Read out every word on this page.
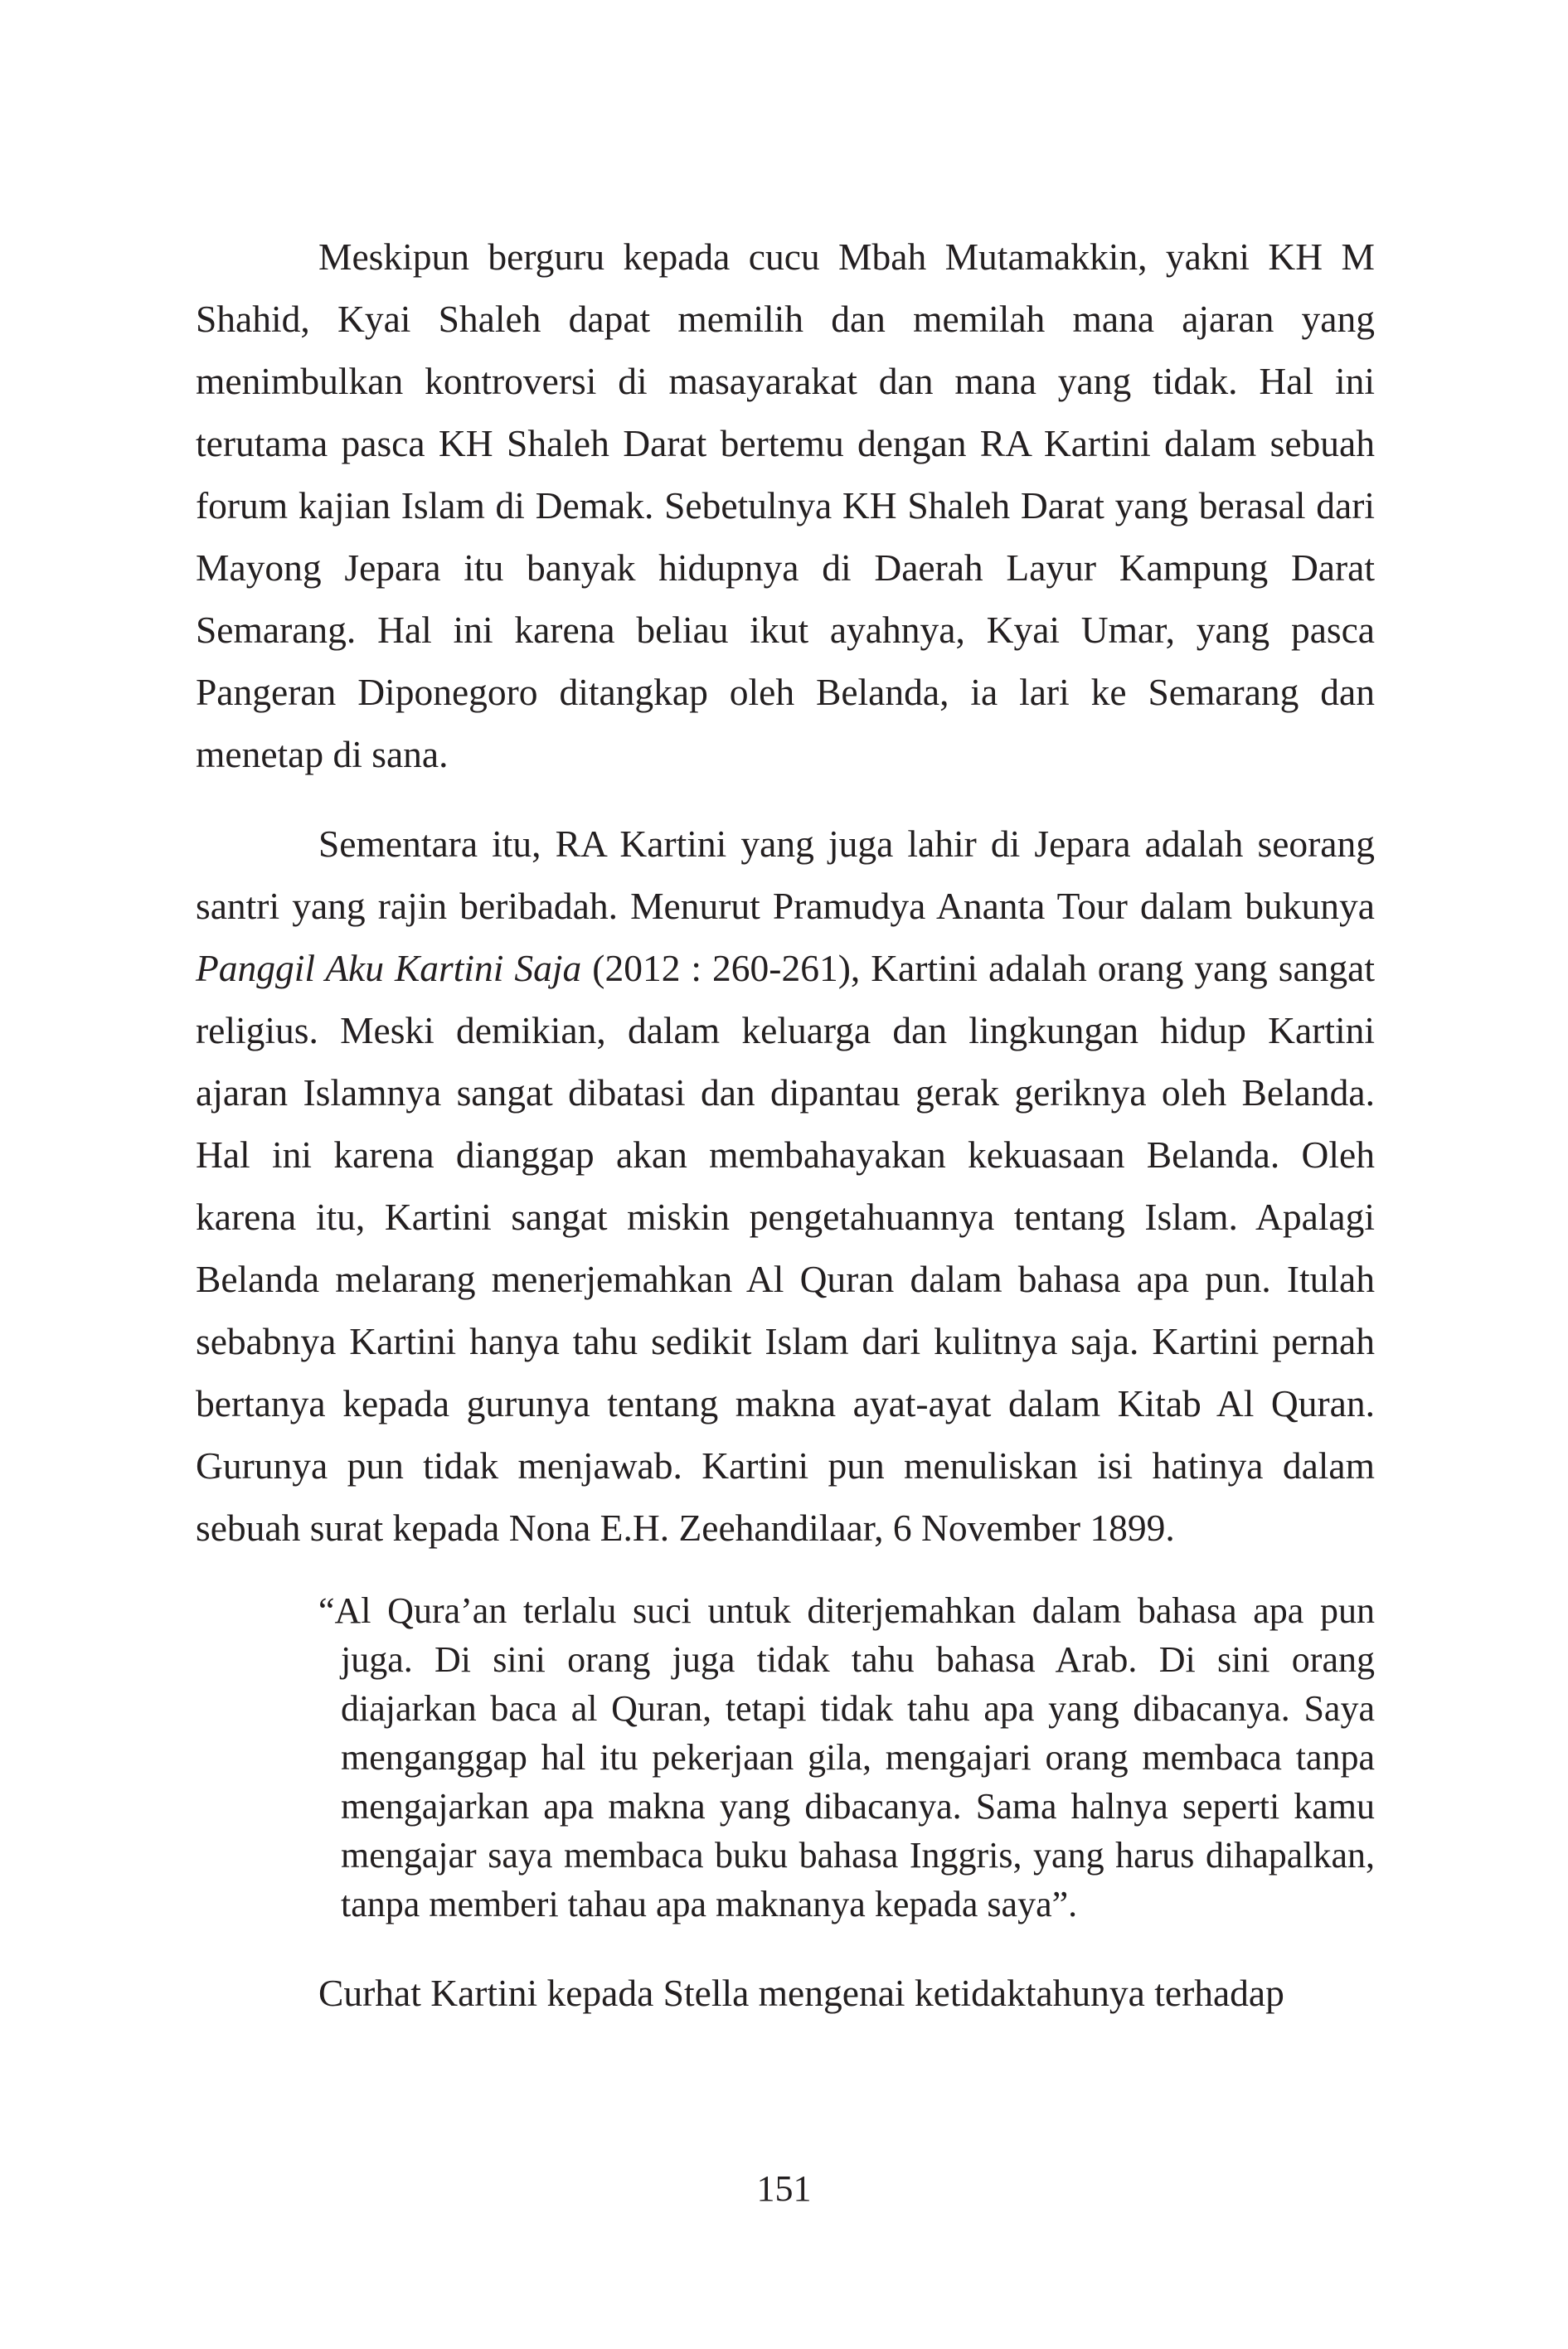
Meskipun berguru kepada cucu Mbah Mutamakkin, yakni KH M Shahid, Kyai Shaleh dapat memilih dan memilah mana ajaran yang menimbulkan kontroversi di masayarakat dan mana yang tidak. Hal ini terutama pasca KH Shaleh Darat bertemu dengan RA Kartini dalam sebuah forum kajian Islam di Demak. Sebetulnya KH Shaleh Darat yang berasal dari Mayong Jepara itu banyak hidupnya di Daerah Layur Kampung Darat Semarang. Hal ini karena beliau ikut ayahnya, Kyai Umar, yang pasca Pangeran Diponegoro ditangkap oleh Belanda, ia lari ke Semarang dan menetap di sana.

Sementara itu, RA Kartini yang juga lahir di Jepara adalah seorang santri yang rajin beribadah. Menurut Pramudya Ananta Tour dalam bukunya Panggil Aku Kartini Saja (2012 : 260-261), Kartini adalah orang yang sangat religius. Meski demikian, dalam keluarga dan lingkungan hidup Kartini ajaran Islamnya sangat dibatasi dan dipantau gerak geriknya oleh Belanda. Hal ini karena dianggap akan membahayakan kekuasaan Belanda. Oleh karena itu, Kartini sangat miskin pengetahuannya tentang Islam. Apalagi Belanda melarang menerjemahkan Al Quran dalam bahasa apa pun. Itulah sebabnya Kartini hanya tahu sedikit Islam dari kulitnya saja. Kartini pernah bertanya kepada gurunya tentang makna ayat-ayat dalam Kitab Al Quran. Gurunya pun tidak menjawab. Kartini pun menuliskan isi hatinya dalam sebuah surat kepada Nona E.H. Zeehandilaar, 6 November 1899.

“Al Qura’an terlalu suci untuk diterjemahkan dalam bahasa apa pun juga. Di sini orang juga tidak tahu bahasa Arab. Di sini orang diajarkan baca al Quran, tetapi tidak tahu apa yang dibacanya. Saya menganggap hal itu pekerjaan gila, mengajari orang membaca tanpa mengajarkan apa makna yang dibacanya. Sama halnya seperti kamu mengajar saya membaca buku bahasa Inggris, yang harus dihapalkan, tanpa memberi tahau apa maknanya kepada saya”.

Curhat Kartini kepada Stella mengenai ketidaktahunya terhadap

151
